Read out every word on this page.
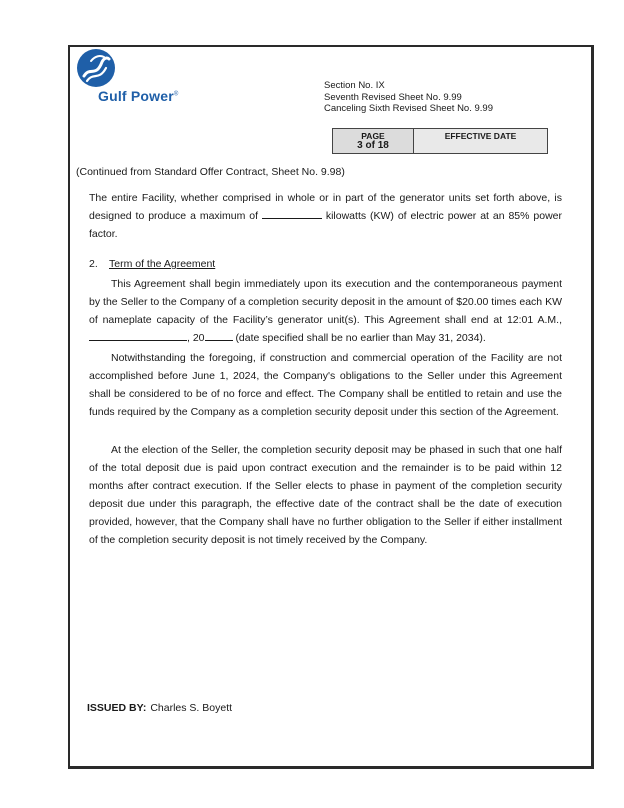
Gulf Power®
Section No. IX
Seventh Revised Sheet No. 9.99
Canceling Sixth Revised Sheet No. 9.99
PAGE
3 of 18
EFFECTIVE DATE
(Continued from Standard Offer Contract, Sheet No. 9.98)

The entire Facility, whether comprised in whole or in part of the generator units set forth above, is designed to produce a maximum of	kilowatts (KW) of electric power at an 85% power factor.

2. Term of the Agreement

This Agreement shall begin immediately upon its execution and the contemporaneous payment by the Seller to the Company of a completion security deposit in the amount of $20.00 times each KW of nameplate capacity of the Facility’s generator unit(s). This Agreement shall end at 12:01 A.M., , 20	(date specified shall be no earlier than May 31, 2034).

Notwithstanding the foregoing, if construction and commercial operation of the Facility are not accomplished before June 1, 2024, the Company's obligations to the Seller under this Agreement shall be considered to be of no force and effect. The Company shall be entitled to retain and use the funds required by the Company as a completion security deposit under this section of the Agreement.

At the election of the Seller, the completion security deposit may be phased in such that one half of the total deposit due is paid upon contract execution and the remainder is to be paid within 12 months after contract execution. If the Seller elects to phase in payment of the completion security deposit due under this paragraph, the effective date of the contract shall be the date of execution provided, however, that the Company shall have no further obligation to the Seller if either installment of the completion security deposit is not timely received by the Company.

ISSUED BY: Charles S. Boyett
